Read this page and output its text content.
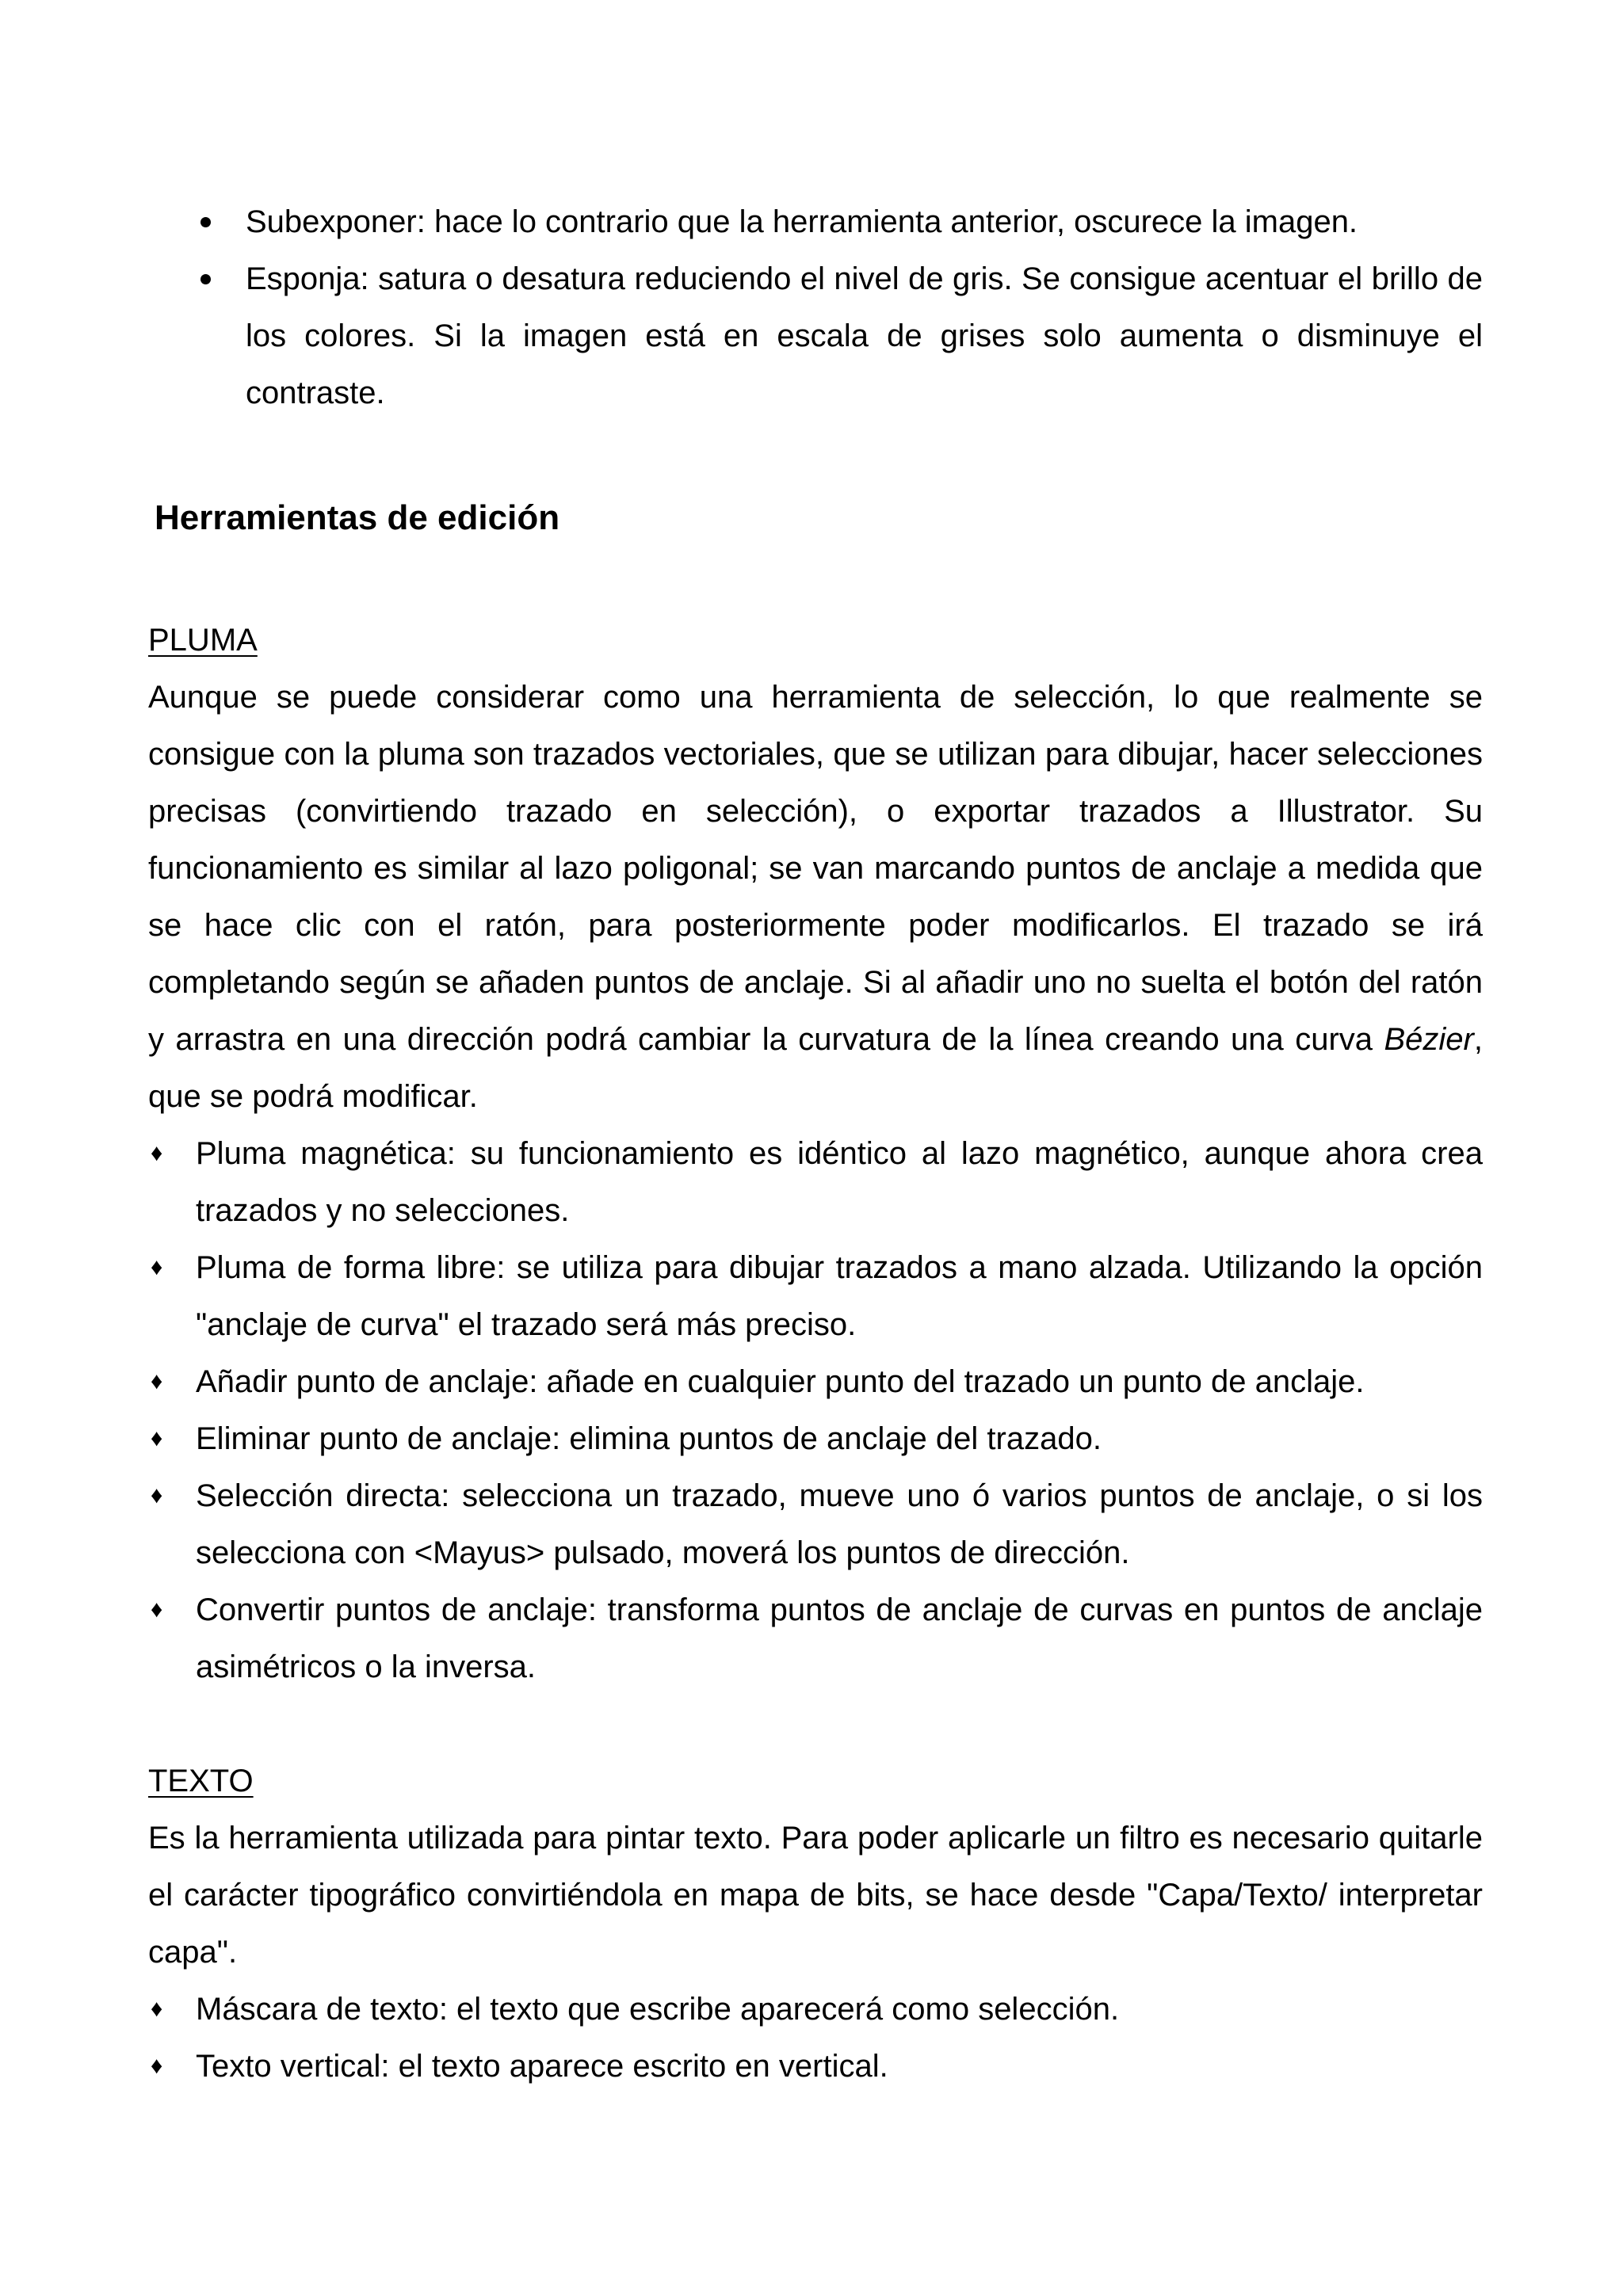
Subexponer: hace lo contrario que la herramienta anterior, oscurece la imagen.
Esponja: satura o desatura reduciendo el nivel de gris. Se consigue acentuar el brillo de los colores. Si la imagen está en escala de grises solo aumenta o disminuye el contraste.
Herramientas de edición

PLUMA

Aunque se puede considerar como una herramienta de selección, lo que realmente se consigue con la pluma son trazados vectoriales, que se utilizan para dibujar, hacer selecciones precisas (convirtiendo trazado en selección), o exportar trazados a Illustrator. Su funcionamiento es similar al lazo poligonal; se van marcando puntos de anclaje a medida que se hace clic con el ratón, para posteriormente poder modificarlos. El trazado se irá completando según se añaden puntos de anclaje. Si al añadir uno no suelta el botón del ratón y arrastra en una dirección podrá cambiar la curvatura de la línea creando una curva Bézier, que se podrá modificar.

♦ Pluma magnética: su funcionamiento es idéntico al lazo magnético, aunque ahora crea trazados y no selecciones.
♦ Pluma de forma libre: se utiliza para dibujar trazados a mano alzada. Utilizando la opción "anclaje de curva" el trazado será más preciso.
♦ Añadir punto de anclaje: añade en cualquier punto del trazado un punto de anclaje.
♦ Eliminar punto de anclaje: elimina puntos de anclaje del trazado.
♦ Selección directa: selecciona un trazado, mueve uno ó varios puntos de anclaje, o si los selecciona con <Mayus> pulsado, moverá los puntos de dirección.
♦ Convertir puntos de anclaje: transforma puntos de anclaje de curvas en puntos de anclaje asimétricos o la inversa.

TEXTO

Es la herramienta utilizada para pintar texto. Para poder aplicarle un filtro es necesario quitarle el carácter tipográfico convirtiéndola en mapa de bits, se hace desde "Capa/Texto/ interpretar capa".

♦ Máscara de texto: el texto que escribe aparecerá como selección.
♦ Texto vertical: el texto aparece escrito en vertical.
